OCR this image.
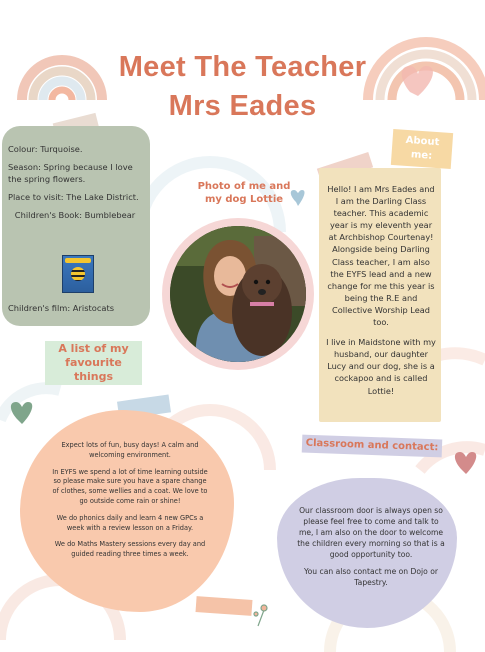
Meet The Teacher
Mrs Eades

Colour: Turquoise.

Season: Spring because I love the spring flowers.

Place to visit: The Lake District.

Children's Book: Bumblebear

Children's film: Aristocats
A list of my favourite things
Photo of me and my dog Lottie
About me:

Hello! I am Mrs Eades and I am the Darling Class teacher. This academic year is my eleventh year at Archbishop Courtenay! Alongside being Darling Class teacher, I am also the EYFS lead and a new change for me this year is being the R.E and Collective Worship Lead too.

I live in Maidstone with my husband, our daughter Lucy and our dog, she is a cockapoo and is called Lottie!

Expect lots of fun, busy days! A calm and welcoming environment.

In EYFS we spend a lot of time learning outside so please make sure you have a spare change of clothes, some wellies and a coat. We love to go outside come rain or shine!

We do phonics daily and learn 4 new GPCs a week with a review lesson on a Friday.

We do Maths Mastery sessions every day and guided reading three times a week.

Classroom and contact:

Our classroom door is always open so please feel free to come and talk to me, I am also on the door to welcome the children every morning so that is a good opportunity too.

You can also contact me on Dojo or Tapestry.
